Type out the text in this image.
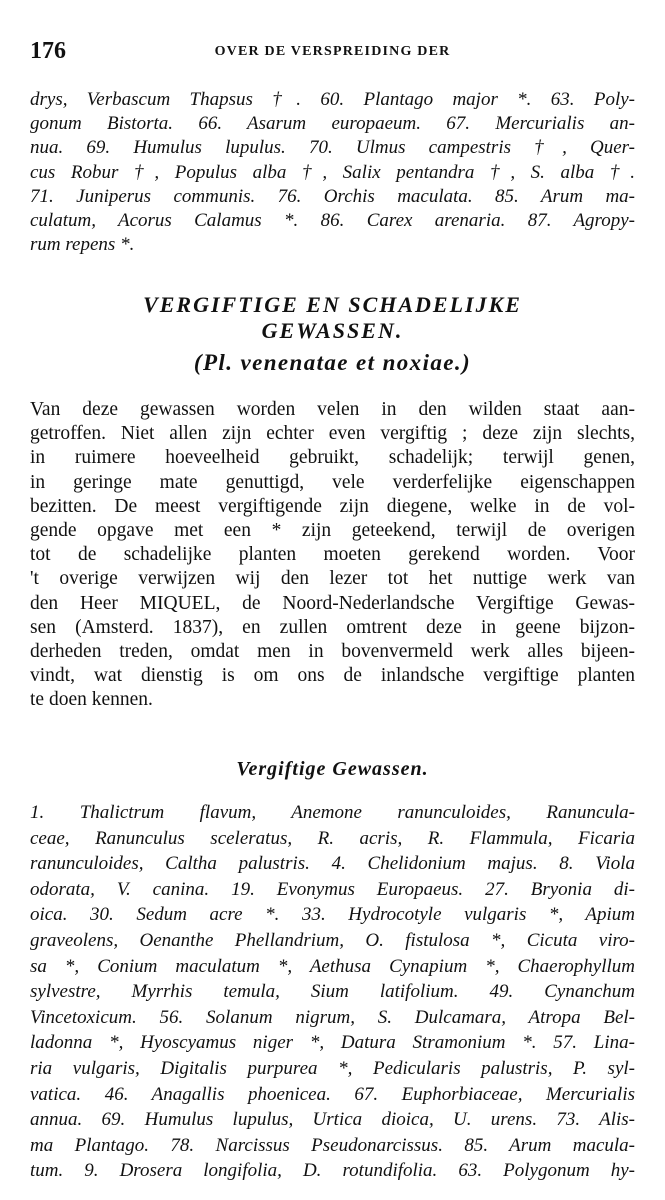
176	OVER DE VERSPREIDING DER
drys, Verbascum Thapsus †. 60. Plantago major *. 63. Poly-
gonum Bistorta. 66. Asarum europaeum. 67. Mercurialis an-
nua. 69. Humulus lupulus. 70. Ulmus campestris †, Quer-
cus Robur †, Populus alba †, Salix pentandra †, S. alba †.
71. Juniperus communis. 76. Orchis maculata. 85. Arum ma-
culatum, Acorus Calamus *. 86. Carex arenaria. 87. Agropy-
rum repens *.
VERGIFTIGE EN SCHADELIJKE
GEWASSEN.
(Pl. venenatae et noxiae.)
Van deze gewassen worden velen in den wilden staat aan-
getroffen. Niet allen zijn echter even vergiftig ; deze zijn slechts,
in ruimere hoeveelheid gebruikt, schadelijk; terwijl genen,
in geringe mate genuttigd, vele verderfelijke eigenschappen
bezitten. De meest vergiftigende zijn diegene, welke in de vol-
gende opgave met een * zijn geteekend, terwijl de overigen
tot de schadelijke planten moeten gerekend worden. Voor
't overige verwijzen wij den lezer tot het nuttige werk van
den Heer MIQUEL, de Noord-Nederlandsche Vergiftige Gewas-
sen (Amsterd. 1837), en zullen omtrent deze in geene bijzon-
derheden treden, omdat men in bovenvermeld werk alles bijeen-
vindt, wat dienstig is om ons de inlandsche vergiftige planten
te doen kennen.
Vergiftige Gewassen.
1. Thalictrum flavum, Anemone ranunculoides, Ranuncula-
ceae, Ranunculus sceleratus, R. acris, R. Flammula, Ficaria
ranunculoides, Caltha palustris. 4. Chelidonium majus. 8. Viola
odorata, V. canina. 19. Evonymus Europaeus. 27. Bryonia di-
oica. 30. Sedum acre *. 33. Hydrocotyle vulgaris *, Apium
graveolens, Oenanthe Phellandrium, O. fistulosa *, Cicuta viro-
sa *, Conium maculatum *, Aethusa Cynapium *, Chaerophyllum
sylvestre, Myrrhis temula, Sium latifolium. 49. Cynanchum
Vincetoxicum. 56. Solanum nigrum, S. Dulcamara, Atropa Bel-
ladonna *, Hyoscyamus niger *, Datura Stramonium *. 57. Lina-
ria vulgaris, Digitalis purpurea *, Pedicularis palustris, P. syl-
vatica. 46. Anagallis phoenicea. 67. Euphorbiaceae, Mercurialis
annua. 69. Humulus lupulus, Urtica dioica, U. urens. 73. Alis-
ma Plantago. 78. Narcissus Pseudonarcissus. 85. Arum macula-
tum. 9. Drosera longifolia, D. rotundifolia. 63. Polygonum hy-
